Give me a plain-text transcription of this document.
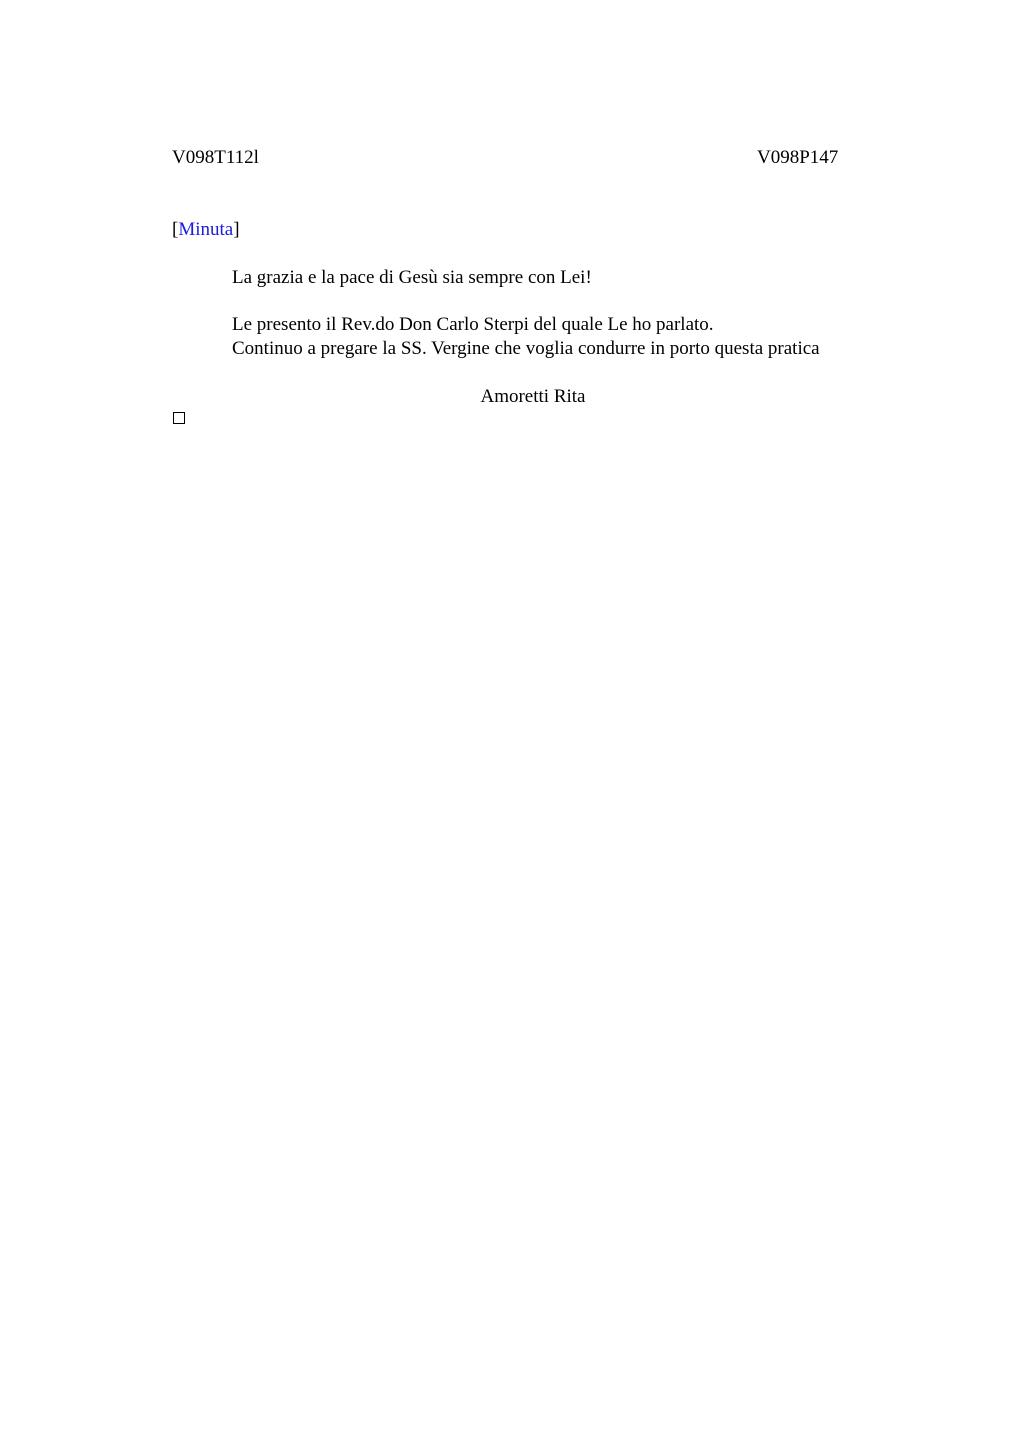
V098T112l	V098P147
[Minuta]
La grazia e la pace di Gesù sia sempre con Lei!
Le presento il Rev.do Don Carlo Sterpi del quale Le ho parlato.
Continuo a pregare la SS. Vergine che voglia condurre in porto questa pratica
Amoretti Rita
